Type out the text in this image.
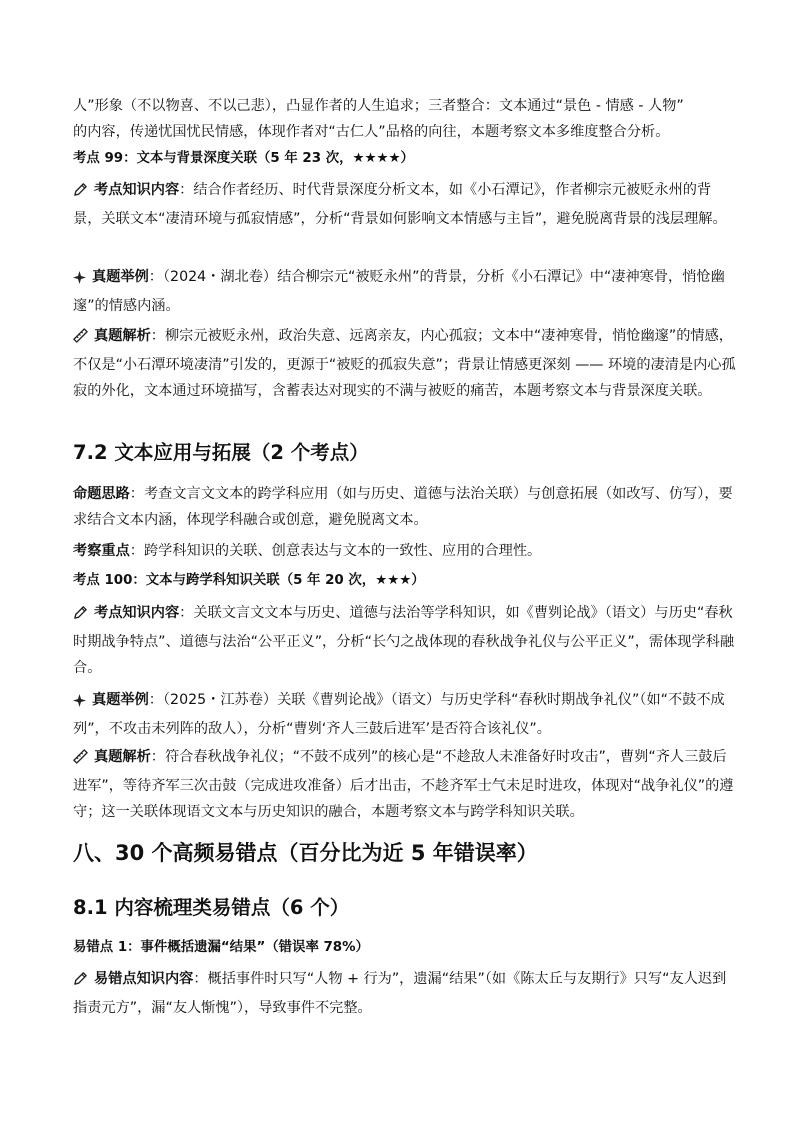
人”形象（不以物喜、不以己悲），凸显作者的人生追求；三者整合：文本通过“景色 - 情感 - 人物”
的内容，传递忧国忧民情感，体现作者对“古仁人”品格的向往，本题考察文本多维度整合分析。

考点 99：文本与背景深度关联（5 年 23 次，★★★★）

考点知识内容：结合作者经历、时代背景深度分析文本，如《小石潭记》，作者柳宗元被贬永州的背景，关联文本“凄清环境与孤寂情感”，分析“背景如何影响文本情感与主旨”，避免脱离背景的浅层理解。

真题举例：（2024・湖北卷）结合柳宗元“被贬永州”的背景，分析《小石潭记》中“凄神寒骨，悄怆幽邃”的情感内涵。

真题解析：柳宗元被贬永州，政治失意、远离亲友，内心孤寂；文本中“凄神寒骨，悄怆幽邃”的情感，不仅是“小石潭环境凄清”引发的，更源于“被贬的孤寂失意”；背景让情感更深刻 —— 环境的凄清是内心孤寂的外化，文本通过环境描写，含蓄表达对现实的不满与被贬的痛苦，本题考察文本与背景深度关联。

7.2 文本应用与拓展（2 个考点）

命题思路：考查文言文文本的跨学科应用（如与历史、道德与法治关联）与创意拓展（如改写、仿写），要求结合文本内涵，体现学科融合或创意，避免脱离文本。

考察重点：跨学科知识的关联、创意表达与文本的一致性、应用的合理性。

考点 100：文本与跨学科知识关联（5 年 20 次，★★★）

考点知识内容：关联文言文文本与历史、道德与法治等学科知识，如《曹刿论战》（语文）与历史“春秋时期战争特点”、道德与法治“公平正义”，分析“长勺之战体现的春秋战争礼仪与公平正义”，需体现学科融合。

真题举例：（2025・江苏卷）关联《曹刿论战》（语文）与历史学科“春秋时期战争礼仪”（如“不鼓不成列”，不攻击未列阵的敌人），分析“曹刿‘齐人三鼓后进军’是否符合该礼仪”。

真题解析：符合春秋战争礼仪；“不鼓不成列”的核心是“不趁敌人未准备好时攻击”，曹刿“齐人三鼓后进军”，等待齐军三次击鼓（完成进攻准备）后才出击，不趁齐军士气未足时进攻，体现对“战争礼仪”的遵守；这一关联体现语文文本与历史知识的融合，本题考察文本与跨学科知识关联。

八、30 个高频易错点（百分比为近 5 年错误率）
8.1 内容梳理类易错点（6 个）

易错点 1：事件概括遗漏“结果”（错误率 78%）

易错点知识内容：概括事件时只写“人物 + 行为”，遗漏“结果”（如《陈太丘与友期行》只写“友人迟到指责元方”，漏“友人惭愧”），导致事件不完整。
